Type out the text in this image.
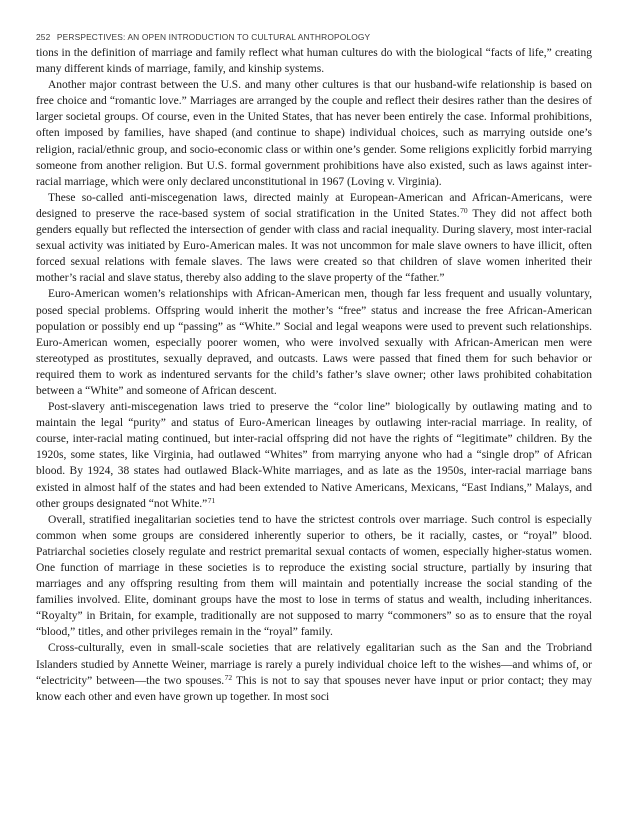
252 PERSPECTIVES: AN OPEN INTRODUCTION TO CULTURAL ANTHROPOLOGY

tions in the definition of marriage and family reflect what human cultures do with the biological “facts of life,” creating many different kinds of marriage, family, and kinship systems.

Another major contrast between the U.S. and many other cultures is that our husband-wife relationship is based on free choice and “romantic love.” Marriages are arranged by the couple and reflect their desires rather than the desires of larger societal groups. Of course, even in the United States, that has never been entirely the case. Informal prohibitions, often imposed by families, have shaped (and continue to shape) individual choices, such as marrying outside one’s religion, racial/ethnic group, and socio-economic class or within one’s gender. Some religions explicitly forbid marrying someone from another religion. But U.S. formal government prohibitions have also existed, such as laws against interracial marriage, which were only declared unconstitutional in 1967 (Loving v. Virginia).

These so-called anti-miscegenation laws, directed mainly at European-American and African-Americans, were designed to preserve the race-based system of social stratification in the United States.$^{70}$ They did not affect both genders equally but reflected the intersection of gender with class and racial inequality. During slavery, most inter-racial sexual activity was initiated by Euro-American males. It was not uncommon for male slave owners to have illicit, often forced sexual relations with female slaves. The laws were created so that children of slave women inherited their mother’s racial and slave status, thereby also adding to the slave property of the “father.”

Euro-American women’s relationships with African-American men, though far less frequent and usually voluntary, posed special problems. Offspring would inherit the mother’s “free” status and increase the free African-American population or possibly end up “passing” as “White.” Social and legal weapons were used to prevent such relationships. Euro-American women, especially poorer women, who were involved sexually with African-American men were stereotyped as prostitutes, sexually depraved, and outcasts. Laws were passed that fined them for such behavior or required them to work as indentured servants for the child’s father’s slave owner; other laws prohibited cohabitation between a “White” and someone of African descent.

Post-slavery anti-miscegenation laws tried to preserve the “color line” biologically by outlawing mating and to maintain the legal “purity” and status of Euro-American lineages by outlawing inter-racial marriage. In reality, of course, inter-racial mating continued, but inter-racial offspring did not have the rights of “legitimate” children. By the 1920s, some states, like Virginia, had outlawed “Whites” from marrying anyone who had a “single drop” of African blood. By 1924, 38 states had outlawed Black-White marriages, and as late as the 1950s, inter-racial marriage bans existed in almost half of the states and had been extended to Native Americans, Mexicans, “East Indians,” Malays, and other groups designated “not White.”$^{71}$

Overall, stratified inegalitarian societies tend to have the strictest controls over marriage. Such control is especially common when some groups are considered inherently superior to others, be it racially, castes, or “royal” blood. Patriarchal societies closely regulate and restrict premarital sexual contacts of women, especially higher-status women. One function of marriage in these societies is to reproduce the existing social structure, partially by insuring that marriages and any offspring resulting from them will maintain and potentially increase the social standing of the families involved. Elite, dominant groups have the most to lose in terms of status and wealth, including inheritances. “Royalty” in Britain, for example, traditionally are not supposed to marry “commoners” so as to ensure that the royal “blood,” titles, and other privileges remain in the “royal” family.

Cross-culturally, even in small-scale societies that are relatively egalitarian such as the San and the Trobriand Islanders studied by Annette Weiner, marriage is rarely a purely individual choice left to the wishes—and whims of, or “electricity” between—the two spouses.$^{72}$ This is not to say that spouses never have input or prior contact; they may know each other and even have grown up together. In most soci
